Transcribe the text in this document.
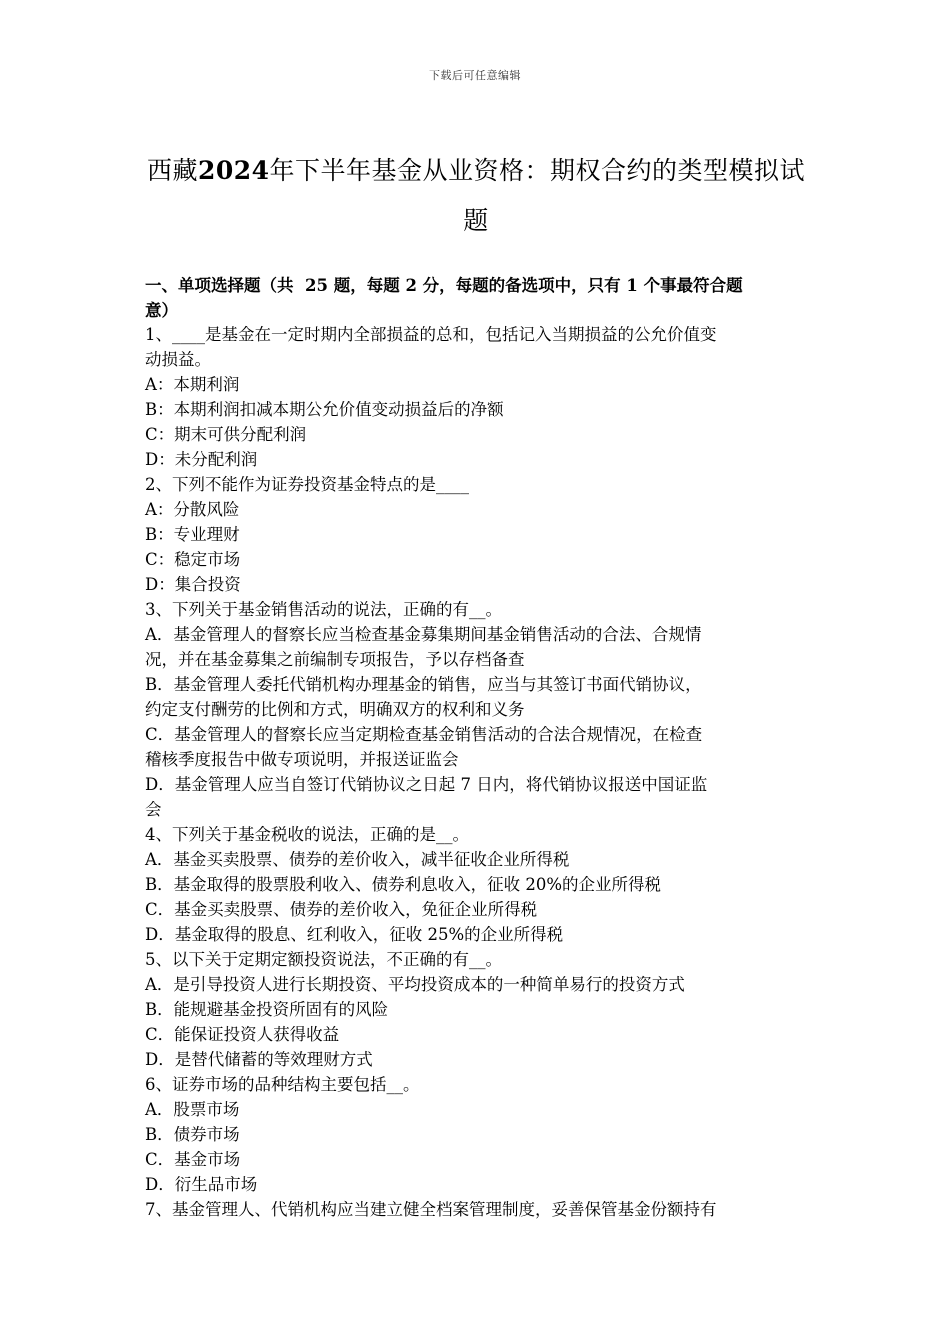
下载后可任意编辑
西藏2024年下半年基金从业资格：期权合约的类型模拟试
题
一、单项选择题（共  25 题，每题 2 分，每题的备选项中，只有 1 个事最符合题
意）
1、____是基金在一定时期内全部损益的总和，包括记入当期损益的公允价值变
动损益。
A：本期利润
B：本期利润扣减本期公允价值变动损益后的净额
C：期末可供分配利润
D：未分配利润
2、下列不能作为证券投资基金特点的是____
A：分散风险
B：专业理财
C：稳定市场
D：集合投资
3、下列关于基金销售活动的说法，正确的有__。
A．基金管理人的督察长应当检查基金募集期间基金销售活动的合法、合规情
况，并在基金募集之前编制专项报告，予以存档备查
B．基金管理人委托代销机构办理基金的销售，应当与其签订书面代销协议，
约定支付酬劳的比例和方式，明确双方的权利和义务
C．基金管理人的督察长应当定期检查基金销售活动的合法合规情况，在检查
稽核季度报告中做专项说明，并报送证监会
D．基金管理人应当自签订代销协议之日起 7 日内，将代销协议报送中国证监
会
4、下列关于基金税收的说法，正确的是__。
A．基金买卖股票、债券的差价收入，减半征收企业所得税
B．基金取得的股票股利收入、债券利息收入，征收 20%的企业所得税
C．基金买卖股票、债券的差价收入，免征企业所得税
D．基金取得的股息、红利收入，征收 25%的企业所得税
5、以下关于定期定额投资说法，不正确的有__。
A．是引导投资人进行长期投资、平均投资成本的一种简单易行的投资方式
B．能规避基金投资所固有的风险
C．能保证投资人获得收益
D．是替代储蓄的等效理财方式
6、证券市场的品种结构主要包括__。
A．股票市场
B．债券市场
C．基金市场
D．衍生品市场
7、基金管理人、代销机构应当建立健全档案管理制度，妥善保管基金份额持有
